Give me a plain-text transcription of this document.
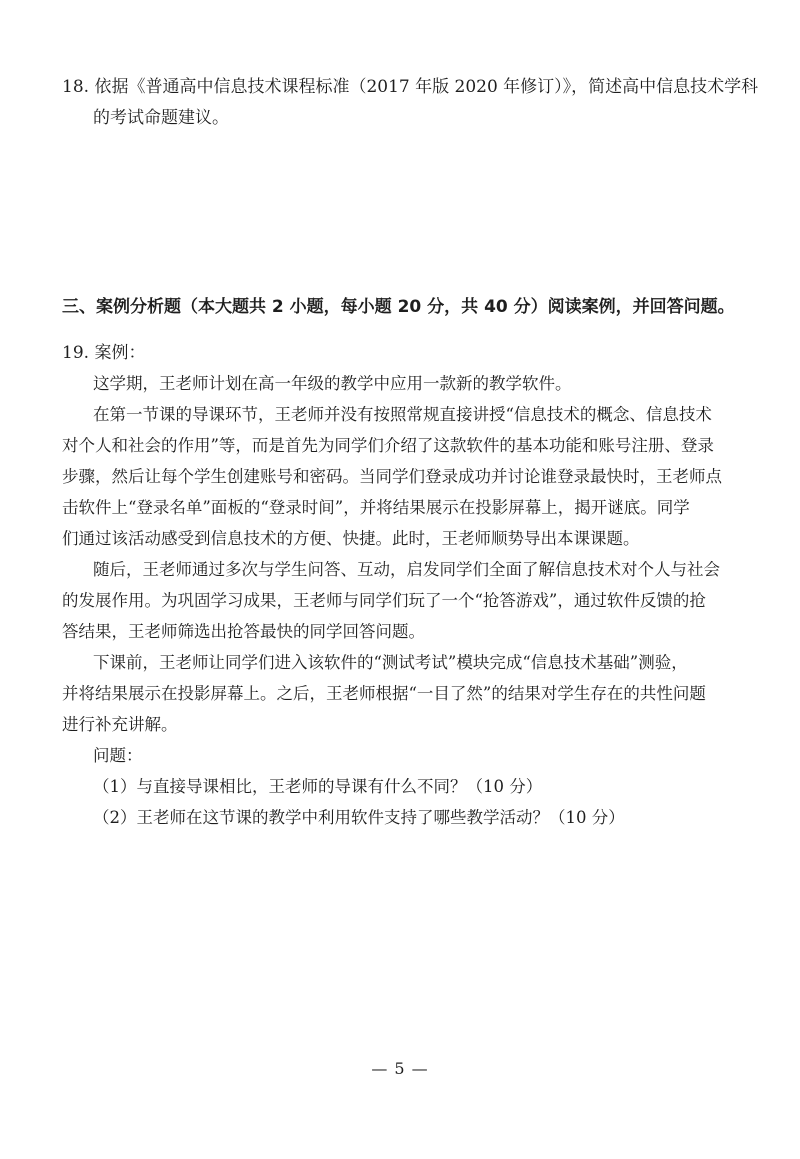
18. 依据《普通高中信息技术课程标准（2017 年版 2020 年修订）》，简述高中信息技术学科
的考试命题建议。
三、案例分析题（本大题共 2 小题，每小题 20 分，共 40 分）阅读案例，并回答问题。
19. 案例：
这学期，王老师计划在高一年级的教学中应用一款新的教学软件。
在第一节课的导课环节，王老师并没有按照常规直接讲授“信息技术的概念、信息技术
对个人和社会的作用”等，而是首先为同学们介绍了这款软件的基本功能和账号注册、登录
步骤，然后让每个学生创建账号和密码。当同学们登录成功并讨论谁登录最快时，王老师点
击软件上“登录名单”面板的“登录时间”，并将结果展示在投影屏幕上，揭开谜底。同学
们通过该活动感受到信息技术的方便、快捷。此时，王老师顺势导出本课课题。
随后，王老师通过多次与学生问答、互动，启发同学们全面了解信息技术对个人与社会
的发展作用。为巩固学习成果，王老师与同学们玩了一个“抢答游戏”，通过软件反馈的抢
答结果，王老师筛选出抢答最快的同学回答问题。
下课前，王老师让同学们进入该软件的“测试考试”模块完成“信息技术基础”测验，
并将结果展示在投影屏幕上。之后，王老师根据“一目了然”的结果对学生存在的共性问题
进行补充讲解。
问题：
（1）与直接导课相比，王老师的导课有什么不同？（10 分）
（2）王老师在这节课的教学中利用软件支持了哪些教学活动？（10 分）
— 5 —
